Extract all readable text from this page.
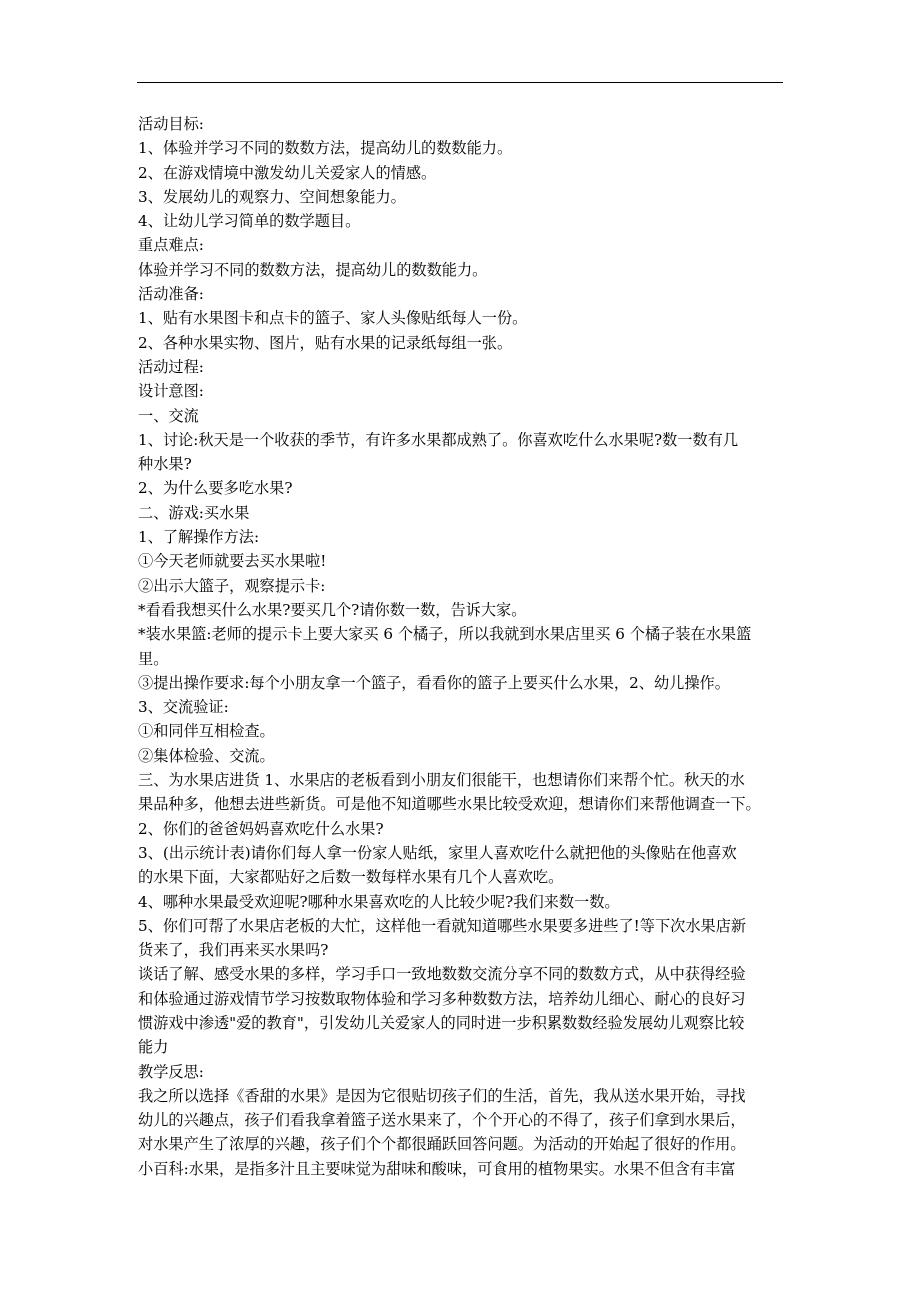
活动目标:
1、体验并学习不同的数数方法，提高幼儿的数数能力。
2、在游戏情境中激发幼儿关爱家人的情感。
3、发展幼儿的观察力、空间想象能力。
4、让幼儿学习简单的数学题目。
重点难点:
体验并学习不同的数数方法，提高幼儿的数数能力。
活动准备:
1、贴有水果图卡和点卡的篮子、家人头像贴纸每人一份。
2、各种水果实物、图片，贴有水果的记录纸每组一张。
活动过程:
设计意图:
一、交流
1、讨论:秋天是一个收获的季节，有许多水果都成熟了。你喜欢吃什么水果呢?数一数有几
种水果?
2、为什么要多吃水果?
二、游戏:买水果
1、了解操作方法:
①今天老师就要去买水果啦!
②出示大篮子，观察提示卡:
*看看我想买什么水果?要买几个?请你数一数，告诉大家。
*装水果篮:老师的提示卡上要大家买 6 个橘子，所以我就到水果店里买 6 个橘子装在水果篮
里。
③提出操作要求:每个小朋友拿一个篮子，看看你的篮子上要买什么水果，2、幼儿操作。
3、交流验证:
①和同伴互相检查。
②集体检验、交流。
三、为水果店进货 1、水果店的老板看到小朋友们很能干，也想请你们来帮个忙。秋天的水
果品种多，他想去进些新货。可是他不知道哪些水果比较受欢迎，想请你们来帮他调查一下。
2、你们的爸爸妈妈喜欢吃什么水果?
3、(出示统计表)请你们每人拿一份家人贴纸，家里人喜欢吃什么就把他的头像贴在他喜欢
的水果下面，大家都贴好之后数一数每样水果有几个人喜欢吃。
4、哪种水果最受欢迎呢?哪种水果喜欢吃的人比较少呢?我们来数一数。
5、你们可帮了水果店老板的大忙，这样他一看就知道哪些水果要多进些了!等下次水果店新
货来了，我们再来买水果吗?
谈话了解、感受水果的多样，学习手口一致地数数交流分享不同的数数方式，从中获得经验
和体验通过游戏情节学习按数取物体验和学习多种数数方法，培养幼儿细心、耐心的良好习
惯游戏中渗透"爱的教育"，引发幼儿关爱家人的同时进一步积累数数经验发展幼儿观察比较
能力
教学反思:
我之所以选择《香甜的水果》是因为它很贴切孩子们的生活，首先，我从送水果开始，寻找
幼儿的兴趣点，孩子们看我拿着篮子送水果来了，个个开心的不得了，孩子们拿到水果后，
对水果产生了浓厚的兴趣，孩子们个个都很踊跃回答问题。为活动的开始起了很好的作用。
小百科:水果，是指多汁且主要味觉为甜味和酸味，可食用的植物果实。水果不但含有丰富
